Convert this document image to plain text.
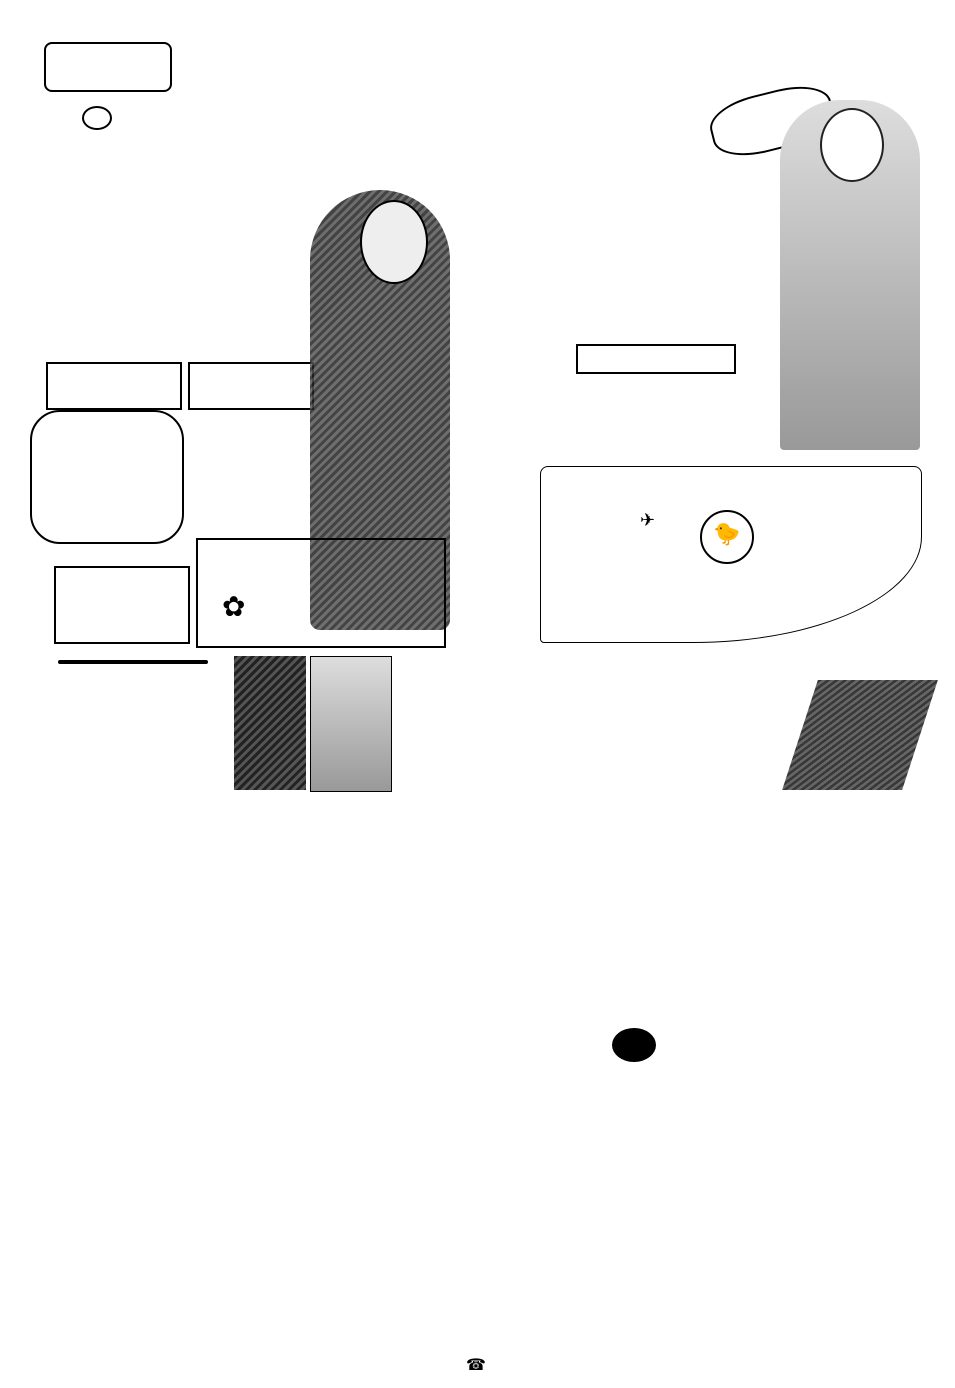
✿
🐤
✈
☎
